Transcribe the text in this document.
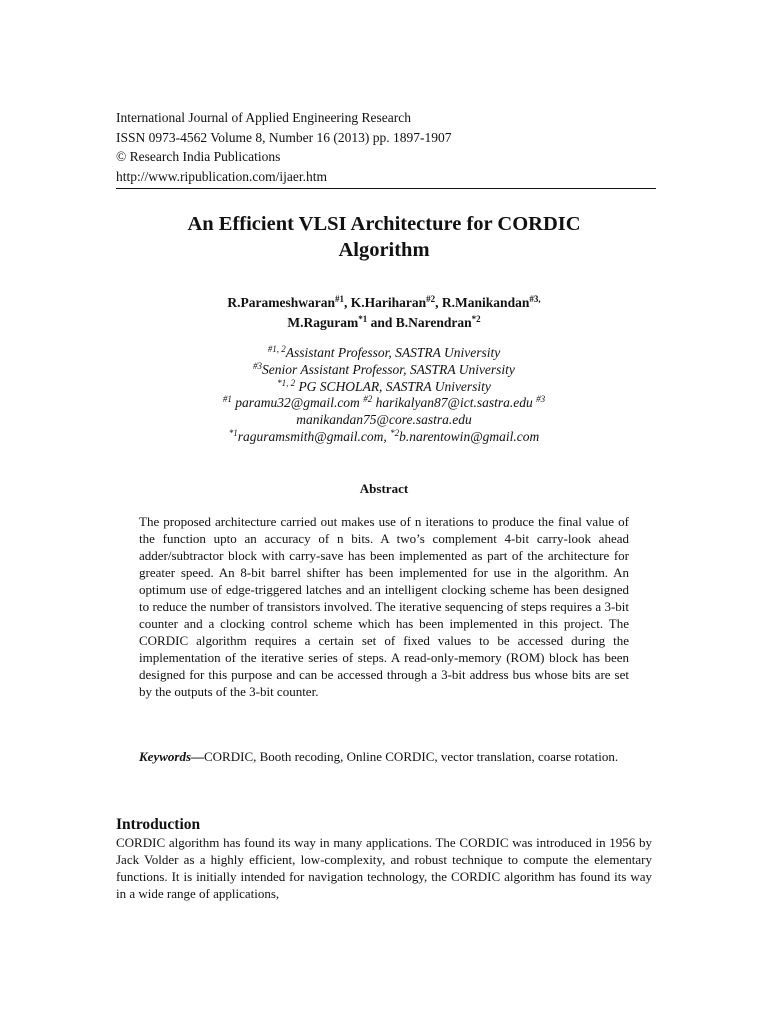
International Journal of Applied Engineering Research
ISSN 0973-4562 Volume 8, Number 16 (2013) pp. 1897-1907
© Research India Publications
http://www.ripublication.com/ijaer.htm
An Efficient VLSI Architecture for CORDIC
Algorithm
R.Parameshwaran$^{\#1}$, K.Hariharan$^{\#2}$, R.Manikandan$^{\#3,}$
M.Raguram$^{*1}$ and B.Narendran$^{*2}$
$^{\#1, 2}$Assistant Professor, SASTRA University
$^{\#3}$Senior Assistant Professor, SASTRA University
$^{*1, 2}$ PG SCHOLAR, SASTRA University
$^{\#1}$ paramu32@gmail.com $^{\#2}$ harikalyan87@ict.sastra.edu $^{\#3}$
manikandan75@core.sastra.edu
$^{*1}$raguramsmith@gmail.com, $^{*2}$b.narentowin@gmail.com
Abstract
The proposed architecture carried out makes use of n iterations to produce the final value of the function upto an accuracy of n bits. A two’s complement 4-bit carry-look ahead adder/subtractor block with carry-save has been implemented as part of the architecture for greater speed. An 8-bit barrel shifter has been implemented for use in the algorithm. An optimum use of edge-triggered latches and an intelligent clocking scheme has been designed to reduce the number of transistors involved. The iterative sequencing of steps requires a 3-bit counter and a clocking control scheme which has been implemented in this project. The CORDIC algorithm requires a certain set of fixed values to be accessed during the implementation of the iterative series of steps. A read-only-memory (ROM) block has been designed for this purpose and can be accessed through a 3-bit address bus whose bits are set by the outputs of the 3-bit counter.
Keywords—CORDIC, Booth recoding, Online CORDIC, vector translation, coarse rotation.
Introduction
CORDIC algorithm has found its way in many applications. The CORDIC was introduced in 1956 by Jack Volder as a highly efficient, low-complexity, and robust technique to compute the elementary functions. It is initially intended for navigation technology, the CORDIC algorithm has found its way in a wide range of applications,
